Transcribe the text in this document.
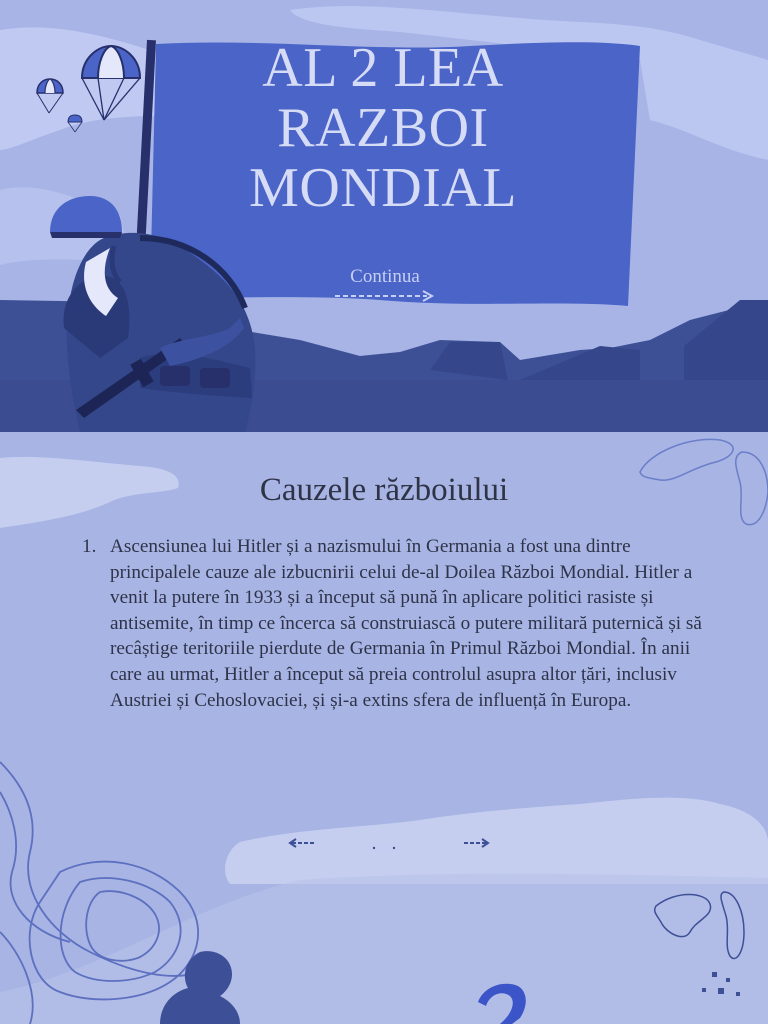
AL 2 LEA
RAZBOI
MONDIAL
Continua
Cauzele războiului
1. Ascensiunea lui Hitler și a nazismului în Germania a fost una dintre principalele cauze ale izbucnirii celui de-al Doilea Război Mondial. Hitler a venit la putere în 1933 și a început să pună în aplicare politici rasiste și antisemite, în timp ce încerca să construiască o putere militară puternică și să recâștige teritoriile pierdute de Germania în Primul Război Mondial. În anii care au urmat, Hitler a început să preia controlul asupra altor țări, inclusiv Austriei și Cehoslovaciei, și și-a extins sfera de influență în Europa.
